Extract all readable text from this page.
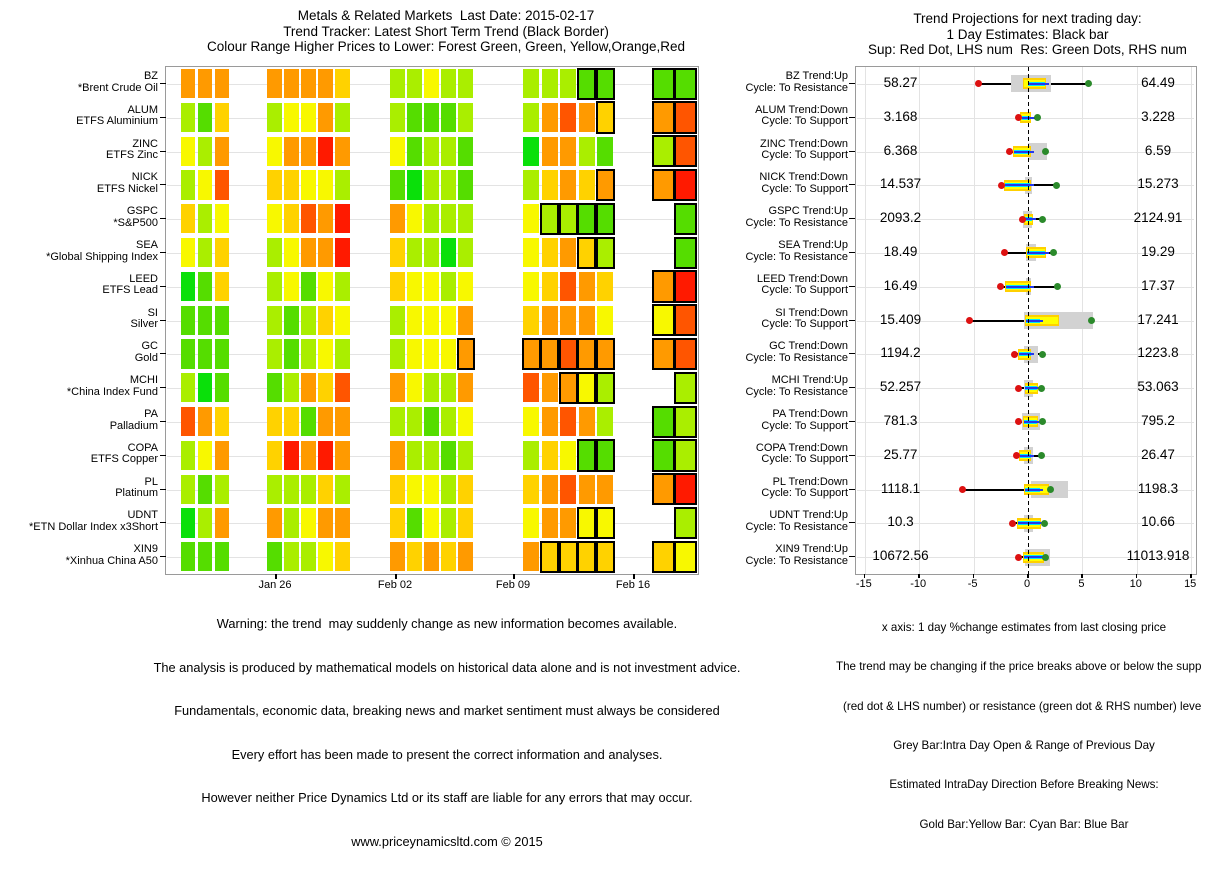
Metals & Related Markets  Last Date: 2015-02-17
Trend Tracker: Latest Short Term Trend (Black Border)
Colour Range Higher Prices to Lower: Forest Green, Green, Yellow,Orange,Red
Trend Projections for next trading day:
1 Day Estimates: Black bar
Sup: Red Dot, LHS num  Res: Green Dots, RHS num
BZ
*Brent Crude Oil
ALUM
ETFS Aluminium
ZINC
ETFS Zinc
NICK
ETFS Nickel
GSPC
*S&P500
SEA
*Global Shipping Index
LEED
ETFS Lead
SI
Silver
GC
Gold
MCHI
*China Index Fund
PA
Palladium
COPA
ETFS Copper
PL
Platinum
UDNT
*ETN Dollar Index x3Short
XIN9
*Xinhua China A50
Jan 26	Feb 02	Feb 09	Feb 16	-15	-10	-5	0	5	10	15
BZ Trend:Up
Cycle: To Resistance	58.27	64.49
ALUM Trend:Down
Cycle: To Support	3.168	3.228
ZINC Trend:Down
Cycle: To Support	6.368	6.59
NICK Trend:Down
Cycle: To Support	14.537	15.273
GSPC Trend:Up
Cycle: To Resistance	2093.2	2124.91
SEA Trend:Up
Cycle: To Resistance	18.49	19.29
LEED Trend:Down
Cycle: To Support	16.49	17.37
SI Trend:Down
Cycle: To Support	15.409	17.241
GC Trend:Down
Cycle: To Resistance	1194.2	1223.8
MCHI Trend:Up
Cycle: To Resistance	52.257	53.063
PA Trend:Down
Cycle: To Support	781.3	795.2
COPA Trend:Down
Cycle: To Support	25.77	26.47
PL Trend:Down
Cycle: To Support	1118.1	1198.3
UDNT Trend:Up
Cycle: To Resistance	10.3	10.66
XIN9 Trend:Up
Cycle: To Resistance	10672.56	11013.918

Warning: the trend  may suddenly change as new information becomes available.

The analysis is produced by mathematical models on historical data alone and is not investment advice.

Fundamentals, economic data, breaking news and market sentiment must always be considered

Every effort has been made to present the correct information and analyses.

However neither Price Dynamics Ltd or its staff are liable for any errors that may occur.

www.priceynamicsltd.com © 2015

x axis: 1 day %change estimates from last closing price

The trend may be changing if the price breaks above or below the supp

(red dot & LHS number) or resistance (green dot & RHS number) leve

Grey Bar:Intra Day Open & Range of Previous Day

Estimated IntraDay Direction Before Breaking News:

Gold Bar:Yellow Bar: Cyan Bar: Blue Bar
